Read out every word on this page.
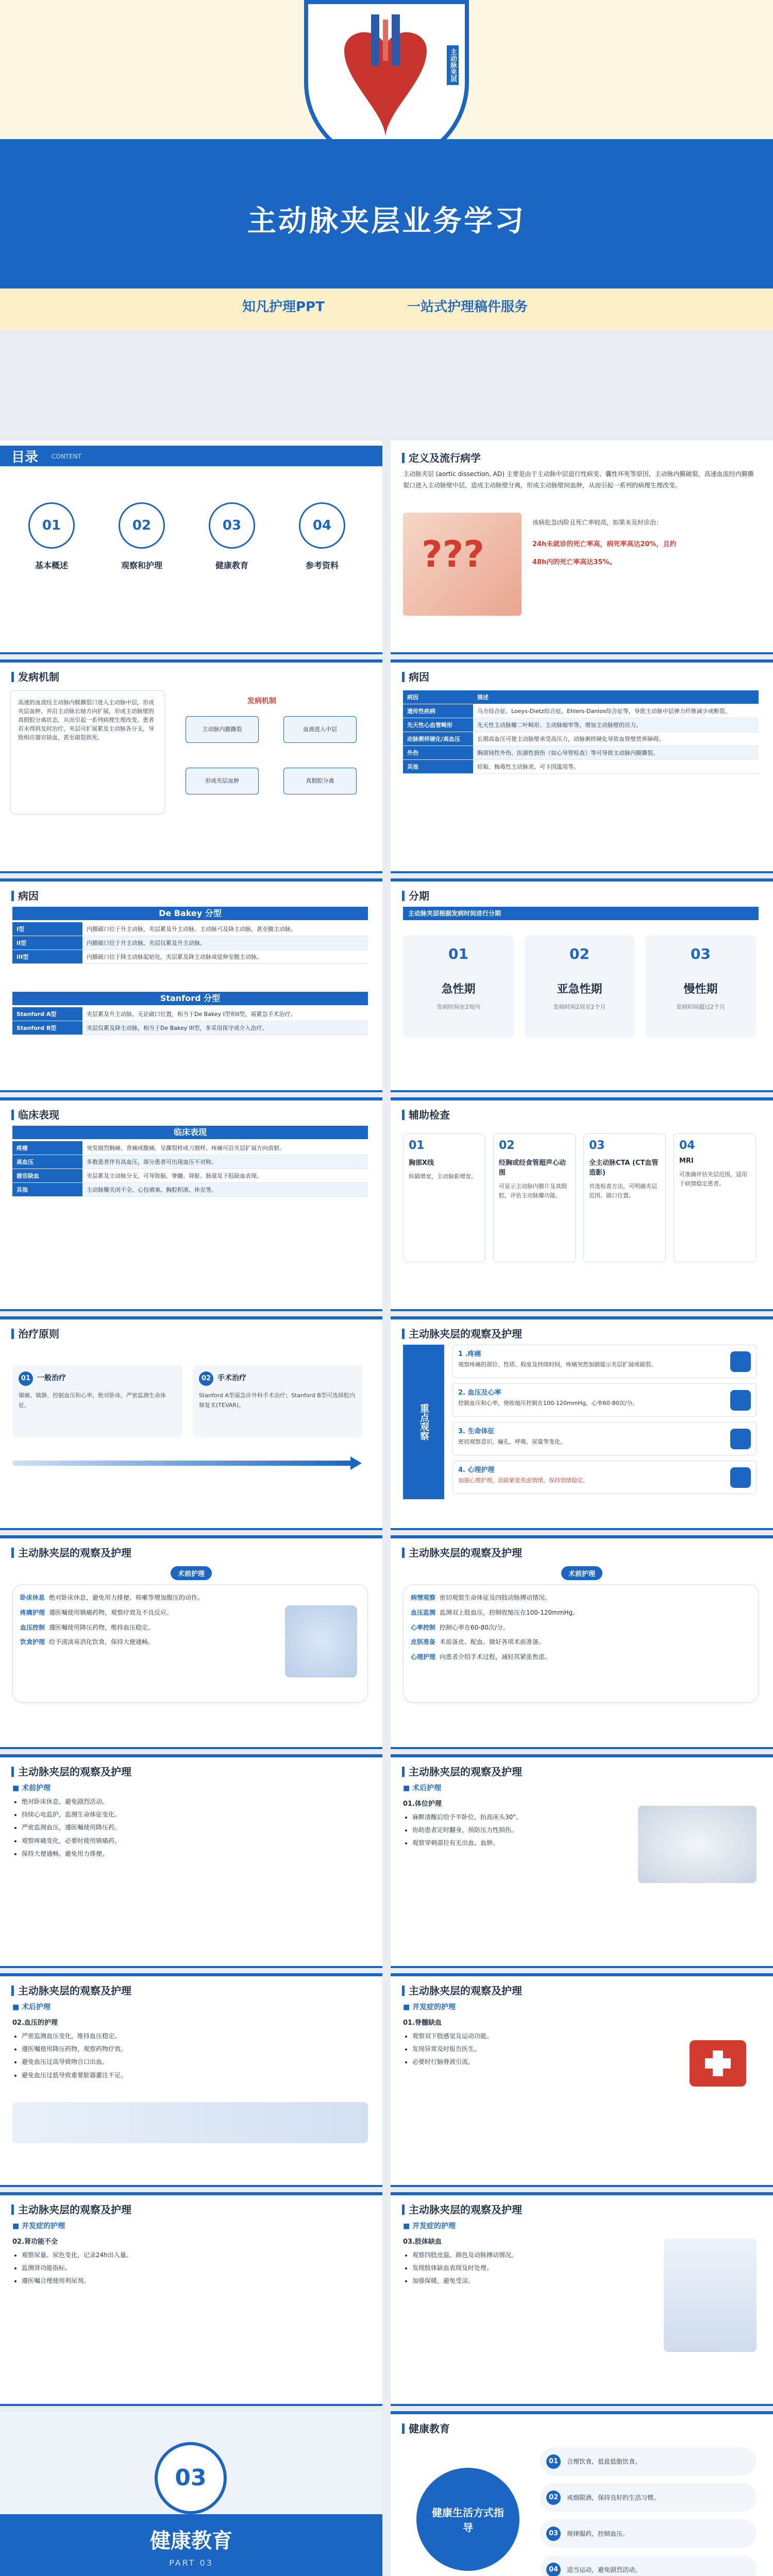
主动脉夹层
主动脉夹层业务学习
知凡护理PPT	一站式护理稿件服务
目录 CONTENT
01
基本概述
02
观察和护理
03
健康教育
04
参考资料
定义及流行病学
主动脉夹层 (aortic dissection, AD) 主要是由于主动脉中层退行性病变、囊性坏死等原因，主动脉内膜破裂，高速血流经内膜撕裂口进入主动脉壁中层，造成主动脉壁分离，形成主动脉壁间血肿，从而引起一系列的病理生理改变。
该病危急凶险且死亡率较高，如果未及时诊治：
24h未就诊的死亡率高，病死率高达20%，且约
48h内的死亡率高达35%。
???
发病机制
高速的血流经主动脉内膜撕裂口进入主动脉中层，形成夹层血肿，并沿主动脉长轴方向扩展，形成主动脉壁的真假腔分离状态，从而引起一系列病理生理改变。患者若未得到及时治疗，夹层可扩展累及主动脉各分支，导致相应器官缺血，甚至破裂致死。
发病机制
主动脉内膜撕裂	血液进入中层
形成夹层血肿	真假腔分离
病因
病因	描述
遗传性疾病	马方综合征、Loeys-Dietz综合征、Ehlers-Danlos综合征等，导致主动脉中层弹力纤维减少或断裂。
先天性心血管畸形	先天性主动脉瓣二叶畸形、主动脉缩窄等，增加主动脉壁的应力。
动脉粥样硬化/高血压	长期高血压可使主动脉壁承受高压力，动脉粥样硬化导致血管壁营养障碍。
外伤	胸部钝性外伤、医源性损伤（如心导管检查）等可导致主动脉内膜撕裂。
其他	妊娠、梅毒性主动脉炎、可卡因滥用等。
病因
De Bakey 分型
I型	内膜破口位于升主动脉，夹层累及升主动脉、主动脉弓及降主动脉，甚至腹主动脉。
II型	内膜破口位于升主动脉，夹层仅累及升主动脉。
III型	内膜破口位于降主动脉起始处，夹层累及降主动脉或延伸至腹主动脉。
Stanford 分型
Stanford A型	夹层累及升主动脉，无论破口位置，相当于De Bakey I型和II型，需紧急手术治疗。
Stanford B型	夹层仅累及降主动脉，相当于De Bakey III型，多采用保守或介入治疗。
分期
主动脉夹层根据发病时间进行分期
01
急性期
发病时间在2周内
02
亚急性期
发病时间2周至2个月
03
慢性期
发病时间超过2个月
临床表现
临床表现
疼痛	突发剧烈胸痛、背痛或腹痛，呈撕裂样或刀割样，疼痛可沿夹层扩展方向放射。
高血压	多数患者伴有高血压，部分患者可出现血压不对称。
器官缺血	夹层累及主动脉分支，可导致脑、脊髓、肾脏、肠道及下肢缺血表现。
其他	主动脉瓣关闭不全、心包填塞、胸腔积液、休克等。
辅助检查
01
胸部X线
纵隔增宽，主动脉影增宽。
02
经胸或经食管超声心动图
可显示主动脉内膜片及真假腔，评估主动脉瓣功能。
03
全主动脉CTA (CT血管造影)
首选检查方法，可明确夹层范围、破口位置。
04
MRI
可准确评估夹层范围，适用于病情稳定患者。
治疗原则
01 一般治疗
镇痛、镇静、控制血压和心率，绝对卧床，严密监测生命体征。
02 手术治疗
Stanford A型需急诊外科手术治疗；Stanford B型可选择腔内修复术(TEVAR)。
主动脉夹层的观察及护理
重点观察
1 .疼痛
观察疼痛的部位、性质、程度及持续时间，疼痛突然加剧提示夹层扩展或破裂。
2. 血压及心率
控制血压和心率，使收缩压控制在100-120mmHg，心率60-80次/分。
3. 生命体征
密切观察意识、瞳孔、呼吸、尿量等变化。
4. 心理护理
加强心理护理，消除紧张焦虑情绪，保持情绪稳定。
主动脉夹层的观察及护理
术前护理
卧床休息 绝对卧床休息，避免用力排便、咳嗽等增加腹压的动作。
疼痛护理 遵医嘱使用镇痛药物，观察疗效及不良反应。
血压控制 遵医嘱使用降压药物，维持血压稳定。
饮食护理 给予清淡易消化饮食，保持大便通畅。
主动脉夹层的观察及护理
术前护理
病情观察 密切观察生命体征及四肢动脉搏动情况。
血压监测 监测双上肢血压，控制收缩压在100-120mmHg。
心率控制 控制心率在60-80次/分。
皮肤准备 术前备皮、配血、做好各项术前准备。
心理护理 向患者介绍手术过程，减轻其紧张焦虑。
主动脉夹层的观察及护理
■ 术前护理
• 绝对卧床休息，避免剧烈活动。
• 持续心电监护，监测生命体征变化。
• 严密监测血压，遵医嘱使用降压药。
• 观察疼痛变化，必要时使用镇痛药。
• 保持大便通畅，避免用力排便。
主动脉夹层的观察及护理
■ 术后护理
01.体位护理
• 麻醉清醒后给予半卧位，抬高床头30°。
• 协助患者定时翻身，预防压力性损伤。
• 观察穿刺部位有无出血、血肿。
主动脉夹层的观察及护理
■ 术后护理
02.血压的护理
• 严密监测血压变化，维持血压稳定。
• 遵医嘱使用降压药物，观察药物疗效。
• 避免血压过高导致吻合口出血。
• 避免血压过低导致重要脏器灌注不足。
主动脉夹层的观察及护理
■ 并发症的护理
01.脊髓缺血
• 观察双下肢感觉及运动功能。
• 发现异常及时报告医生。
• 必要时行脑脊液引流。
主动脉夹层的观察及护理
■ 并发症的护理
02.肾功能不全
• 观察尿量、尿色变化，记录24h出入量。
• 监测肾功能指标。
• 遵医嘱合理使用利尿剂。
主动脉夹层的观察及护理
■ 并发症的护理
03.肢体缺血
• 观察四肢皮温、颜色及动脉搏动情况。
• 发现肢体缺血表现及时处理。
• 加强保暖，避免受凉。
03
健康教育
PART 03
健康教育
健康生活方式指导
01	合理饮食，低盐低脂饮食。
02	戒烟限酒，保持良好的生活习惯。
03	规律服药，控制血压。
04	适当运动，避免剧烈活动。
